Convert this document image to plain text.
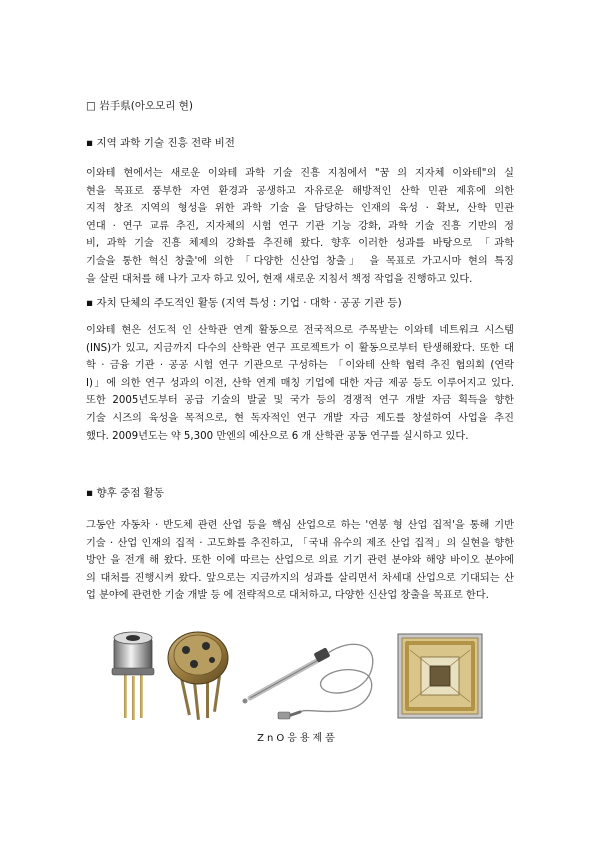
□ 岩手県(아오모리 현)
▪ 지역 과학 기술 진흥 전략 비전
이와테 현에서는 새로운 이와테 과학 기술 진흥 지침에서 "꿈 의 지자체 이와테"의 실
현을 목표로 풍부한 자연 환경과 공생하고 자유로운 해방적인 산학 민관 제휴에 의한
지적 창조 지역의 형성을 위한 과학 기술 을 담당하는 인재의 육성 · 확보, 산학 민관
연대 · 연구 교류 추진, 지자체의 시험 연구 기관 기능 강화, 과학 기술 진흥 기반의 정
비, 과학 기술 진흥 체제의 강화를 추진해 왔다. 향후 이러한 성과를 바탕으로 「과학
기술을 통한 혁신 창출'에 의한 「다양한 신산업 창출」 을 목표로 가고시마 현의 특징
을 살린 대처를 해 나가 고자 하고 있어, 현재 새로운 지침서 책정 작업을 진행하고 있다.
▪ 자치 단체의 주도적인 활동 (지역 특성 : 기업 · 대학 · 공공 기관 등)
이와테 현은 선도적 인 산학관 연계 활동으로 전국적으로 주목받는 이와테 네트워크 시스템
(INS)가 있고, 지금까지 다수의 산학관 연구 프로젝트가 이 활동으로부터 탄생해왔다. 또한 대
학 · 금융 기관 · 공공 시험 연구 기관으로 구성하는 「이와테 산학 협력 추진 협의회 (연락
I)」에 의한 연구 성과의 이전, 산학 연계 매칭 기업에 대한 자금 제공 등도 이루어지고 있다.
또한 2005년도부터 공급 기술의 발굴 및 국가 등의 경쟁적 연구 개발 자금 획득을 향한
기술 시즈의 육성을 목적으로, 현 독자적인 연구 개발 자금 제도를 창설하여 사업을 추진
했다. 2009년도는 약 5,300 만엔의 예산으로 6 개 산학관 공동 연구를 실시하고 있다.
▪ 향후 중점 활동
그동안 자동차 · 반도체 관련 산업 등을 핵심 산업으로 하는 '연봉 형 산업 집적'을 통해 기반
기술 · 산업 인재의 집적 · 고도화를 추진하고, 「국내 유수의 제조 산업 집적」의 실현을 향한
방안 을 전개 해 왔다. 또한 이에 따르는 산업으로 의료 기기 관련 분야와 해양 바이오 분야에
의 대처를 진행시켜 왔다. 앞으로는 지금까지의 성과를 살리면서 차세대 산업으로 기대되는 산
업 분야에 관련한 기술 개발 등 에 전략적으로 대처하고, 다양한 신산업 창출을 목표로 한다.
ZnO응용제품
